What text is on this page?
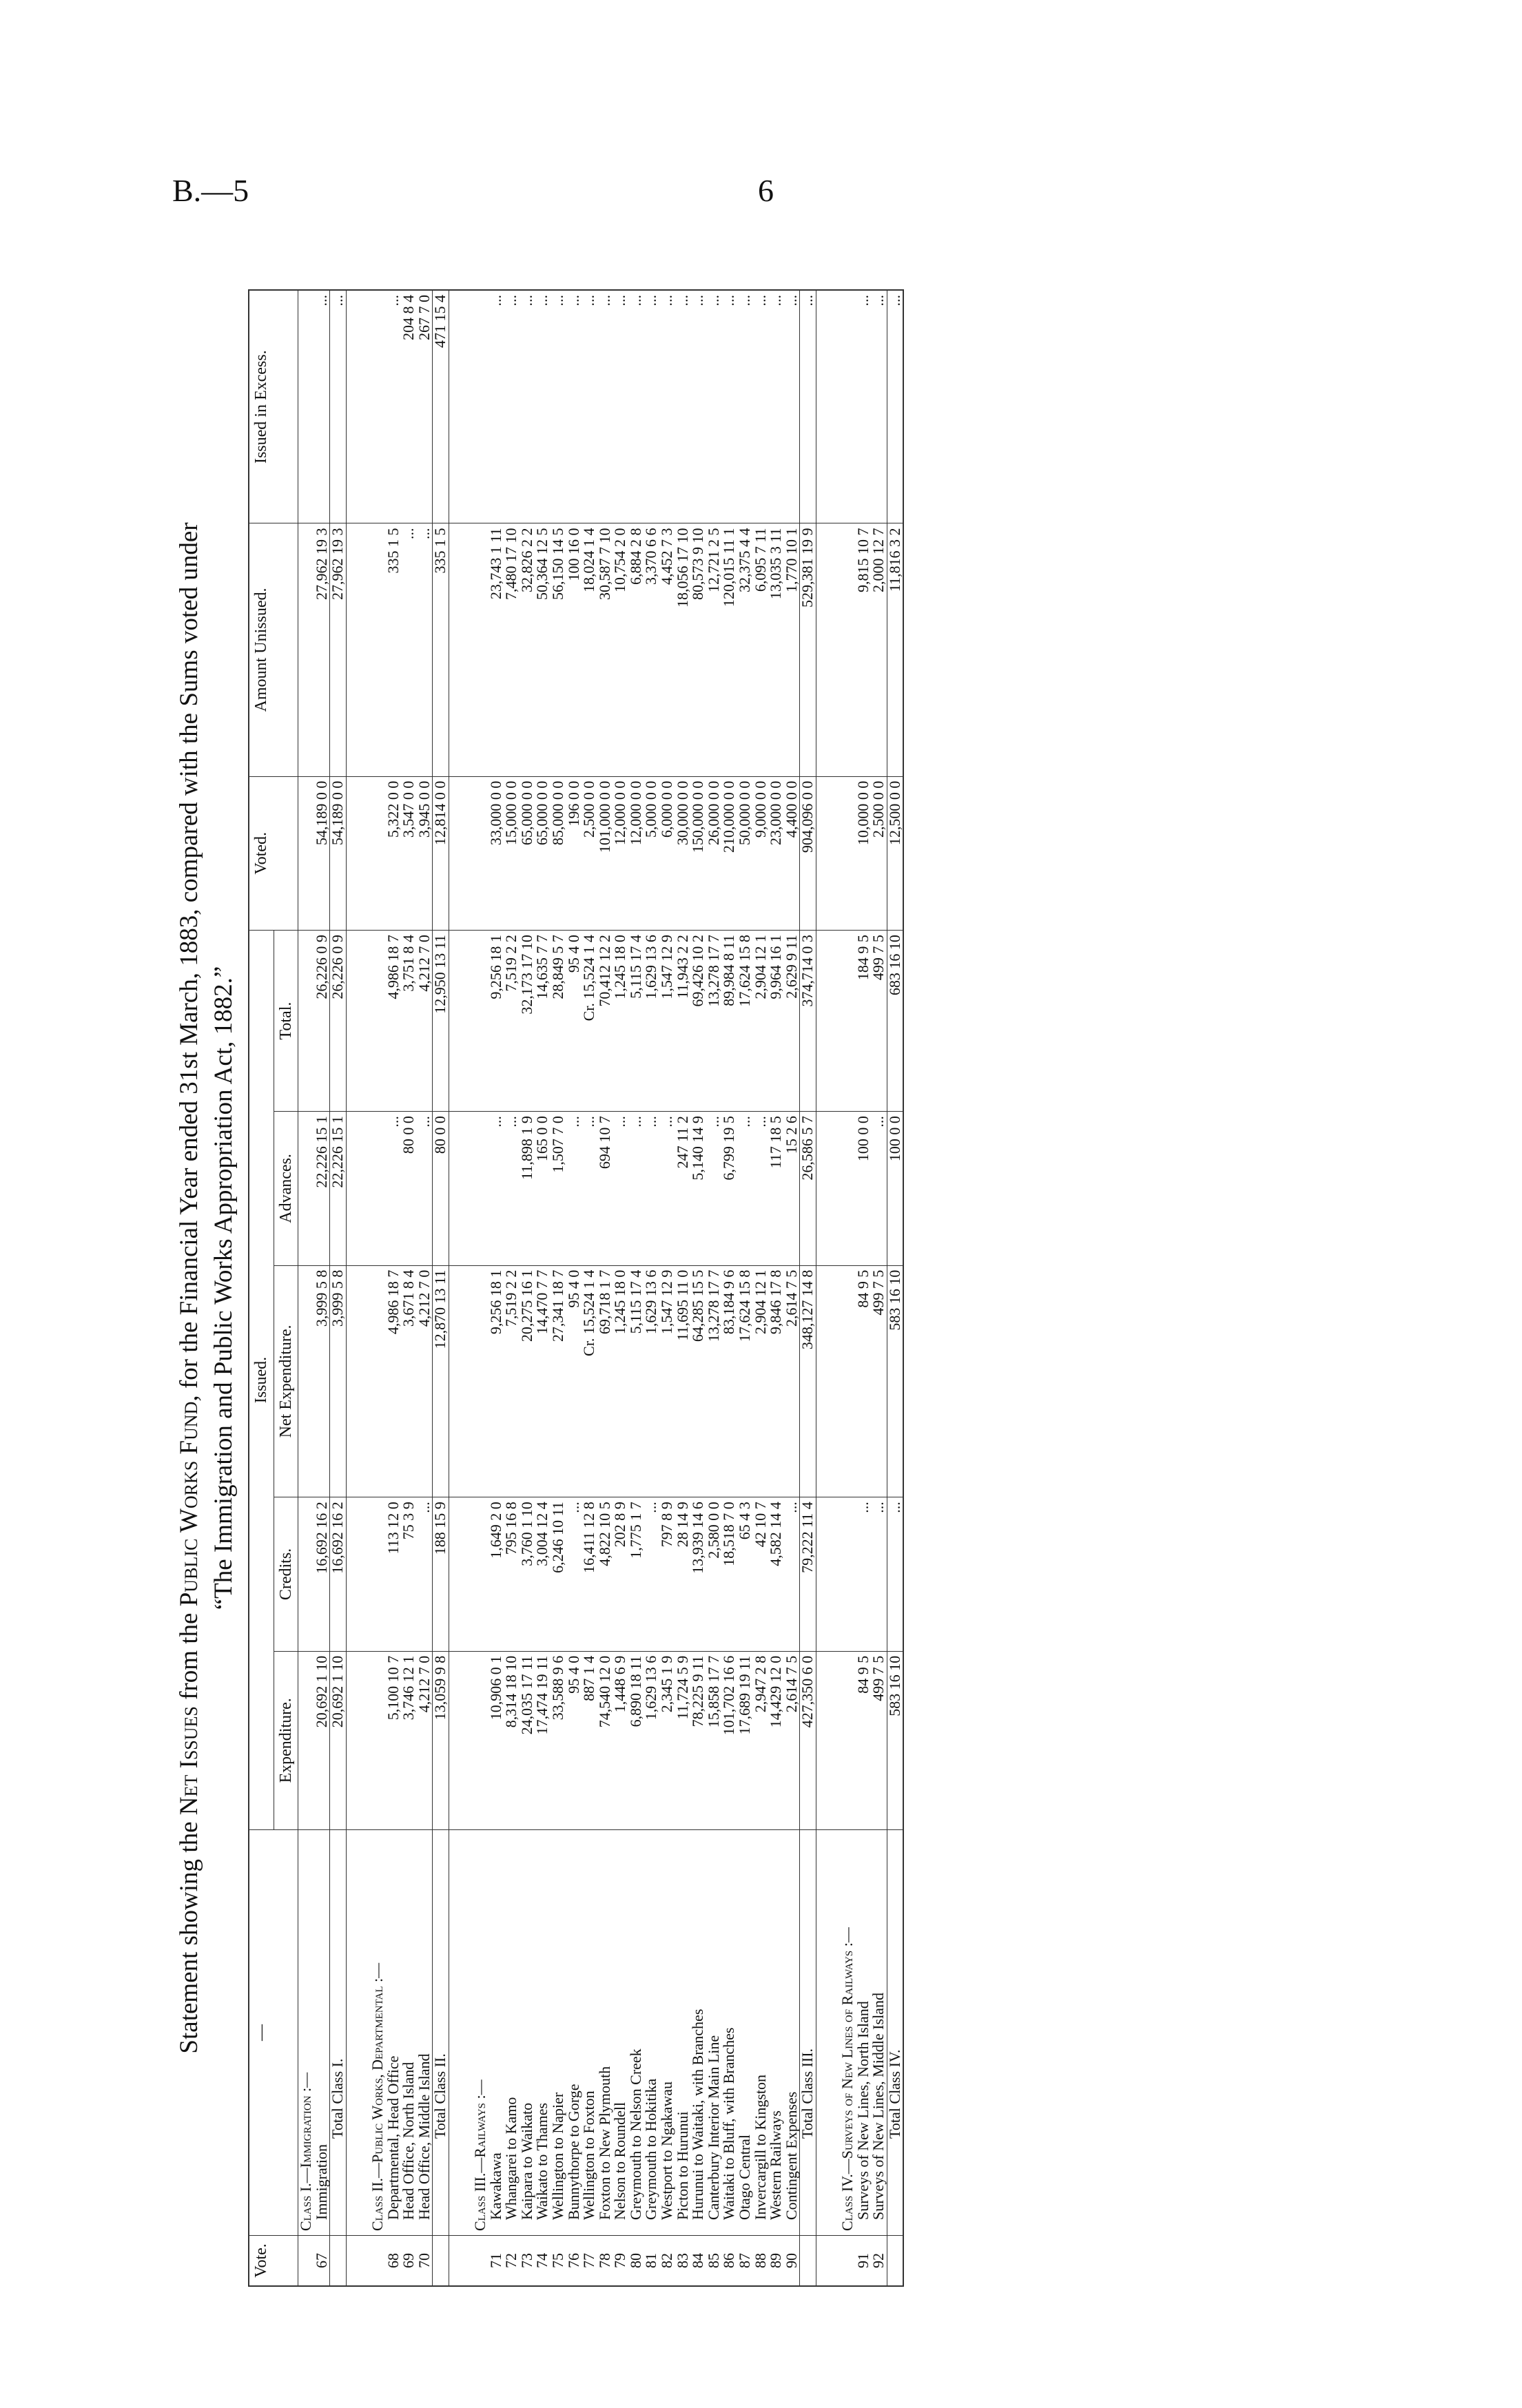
B.—5	6
Statement showing the Net Issues from the Public Works Fund, for the Financial Year ended 31st March, 1883, compared with the Sums voted under “The Immigration and Public Works Appropriation Act, 1882.”
Vote.	—	Issued.					Voted.	Amount Unissued.	Issued in Excess.
		Expenditure.	Credits.	Net Expenditure.	Advances.	Total.			
	Class I.—Immigration :—								
67	Immigration	20,692 1 10	16,692 16 2	3,999 5 8	22,226 15 1	26,226 0 9	54,189 0 0	27,962 19 3	...
	Total Class I.	20,692 1 10	16,692 16 2	3,999 5 8	22,226 15 1	26,226 0 9	54,189 0 0	27,962 19 3	...

	Class II.—Public Works, Departmental :—								
68	Departmental, Head Office	5,100 10 7	113 12 0	4,986 18 7	...	4,986 18 7	5,322 0 0	335 1 5	...
69	Head Office, North Island	3,746 12 1	75 3 9	3,671 8 4	80 0 0	3,751 8 4	3,547 0 0	...	204 8 4
70	Head Office, Middle Island	4,212 7 0	...	4,212 7 0	...	4,212 7 0	3,945 0 0	...	267 7 0
	Total Class II.	13,059 9 8	188 15 9	12,870 13 11	80 0 0	12,950 13 11	12,814 0 0	335 1 5	471 15 4

	Class III.—Railways :—								
71	Kawakawa	10,906 0 1	1,649 2 0	9,256 18 1	...	9,256 18 1	33,000 0 0	23,743 1 11	...
72	Whangarei to Kamo	8,314 18 10	795 16 8	7,519 2 2	...	7,519 2 2	15,000 0 0	7,480 17 10	...
73	Kaipara to Waikato	24,035 17 11	3,760 1 10	20,275 16 1	11,898 1 9	32,173 17 10	65,000 0 0	32,826 2 2	...
74	Waikato to Thames	17,474 19 11	3,004 12 4	14,470 7 7	165 0 0	14,635 7 7	65,000 0 0	50,364 12 5	...
75	Wellington to Napier	33,588 9 6	6,246 10 11	27,341 18 7	1,507 7 0	28,849 5 7	85,000 0 0	56,150 14 5	...
76	Bunnythorpe to Gorge	95 4 0	...	95 4 0	...	95 4 0	196 0 0	100 16 0	...
77	Wellington to Foxton	887 1 4	16,411 12 8	Cr. 15,524 1 4	...	Cr. 15,524 1 4	2,500 0 0	18,024 1 4	...
78	Foxton to New Plymouth	74,540 12 0	4,822 10 5	69,718 1 7	694 10 7	70,412 12 2	101,000 0 0	30,587 7 10	...
79	Nelson to Roundell	1,448 6 9	202 8 9	1,245 18 0	...	1,245 18 0	12,000 0 0	10,754 2 0	...
80	Greymouth to Nelson Creek	6,890 18 11	1,775 1 7	5,115 17 4	...	5,115 17 4	12,000 0 0	6,884 2 8	...
81	Greymouth to Hokitika	1,629 13 6	...	1,629 13 6	...	1,629 13 6	5,000 0 0	3,370 6 6	...
82	Westport to Ngakawau	2,345 1 9	797 8 9	1,547 12 9	...	1,547 12 9	6,000 0 0	4,452 7 3	...
83	Picton to Hurunui	11,724 5 9	28 14 9	11,695 11 0	247 11 2	11,943 2 2	30,000 0 0	18,056 17 10	...
84	Hurunui to Waitaki, with Branches	78,225 9 11	13,939 14 6	64,285 15 5	5,140 14 9	69,426 10 2	150,000 0 0	80,573 9 10	...
85	Canterbury Interior Main Line	15,858 17 7	2,580 0 0	13,278 17 7	...	13,278 17 7	26,000 0 0	12,721 2 5	...
86	Waitaki to Bluff, with Branches	101,702 16 6	18,518 7 0	83,184 9 6	6,799 19 5	89,984 8 11	210,000 0 0	120,015 11 1	...
87	Otago Central	17,689 19 11	65 4 3	17,624 15 8	...	17,624 15 8	50,000 0 0	32,375 4 4	...
88	Invercargill to Kingston	2,947 2 8	42 10 7	2,904 12 1	...	2,904 12 1	9,000 0 0	6,095 7 11	...
89	Western Railways	14,429 12 0	4,582 14 4	9,846 17 8	117 18 5	9,964 16 1	23,000 0 0	13,035 3 11	...
90	Contingent Expenses	2,614 7 5	...	2,614 7 5	15 2 6	2,629 9 11	4,400 0 0	1,770 10 1	...
	Total Class III.	427,350 6 0	79,222 11 4	348,127 14 8	26,586 5 7	374,714 0 3	904,096 0 0	529,381 19 9	...

	Class IV.—Surveys of New Lines of Railways :—								
91	Surveys of New Lines, North Island	84 9 5	...	84 9 5	100 0 0	184 9 5	10,000 0 0	9,815 10 7	...
92	Surveys of New Lines, Middle Island	499 7 5	...	499 7 5	...	499 7 5	2,500 0 0	2,000 12 7	...
	Total Class IV.	583 16 10	...	583 16 10	100 0 0	683 16 10	12,500 0 0	11,816 3 2	...
